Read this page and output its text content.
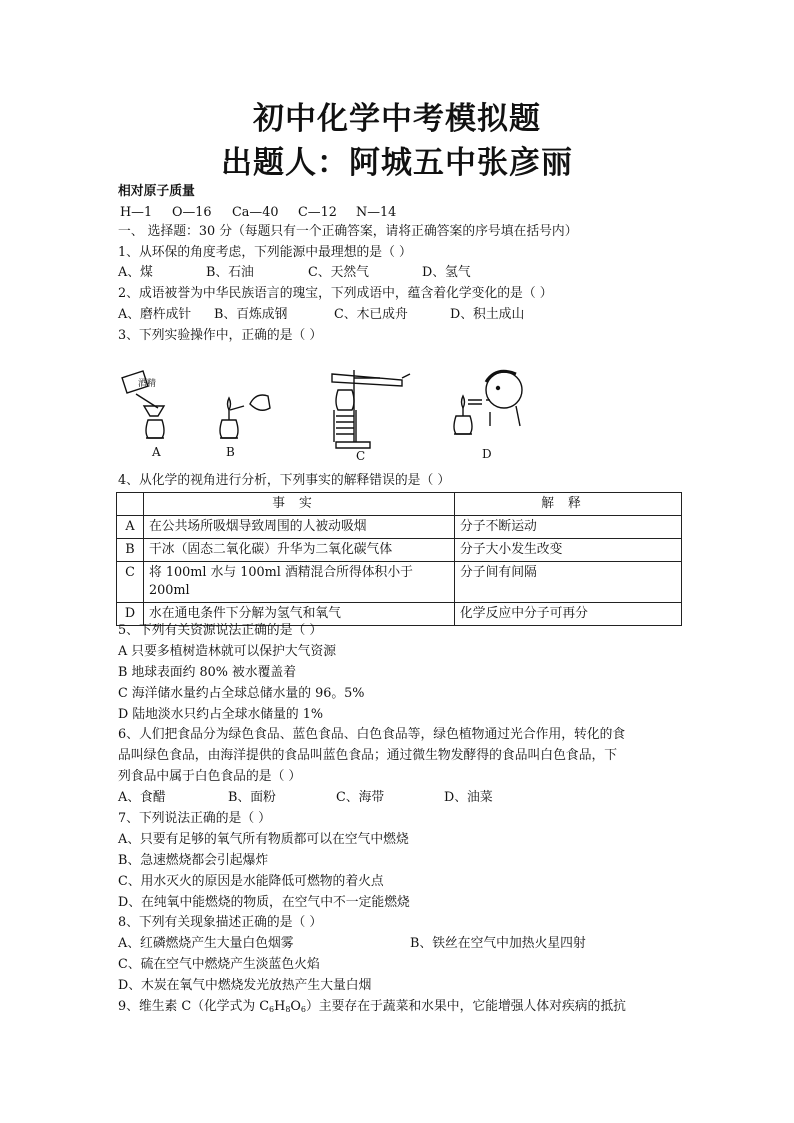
初中化学中考模拟题
出题人：阿城五中张彦丽
相对原子质量
H—1 O—16 Ca—40 C—12 N—14
一、 选择题：30 分（每题只有一个正确答案，请将正确答案的序号填在括号内）
1、从环保的角度考虑，下列能源中最理想的是（ ）
A、煤	B、石油	C、天然气	D、氢气
2、成语被誉为中华民族语言的瑰宝，下列成语中，蕴含着化学变化的是（ ）
A、磨杵成针 B、百炼成钢	C、木已成舟	D、积土成山
3、下列实验操作中，正确的是（ ）
酒精
A	B	C	D
4、从化学的视角进行分析，下列事实的解释错误的是（ ）
	事实	解释
A	在公共场所吸烟导致周围的人被动吸烟	分子不断运动
B	干冰（固态二氧化碳）升华为二氧化碳气体	分子大小发生改变
C	将 100ml 水与 100ml 酒精混合所得体积小于 200ml	分子间有间隔
D	水在通电条件下分解为氢气和氧气	化学反应中分子可再分
5、下列有关资源说法正确的是（ ）
A 只要多植树造林就可以保护大气资源
B 地球表面约 80% 被水覆盖着
C 海洋储水量约占全球总储水量的 96。5%
D 陆地淡水只约占全球水储量的 1%
6、人们把食品分为绿色食品、蓝色食品、白色食品等，绿色植物通过光合作用，转化的食
品叫绿色食品，由海洋提供的食品叫蓝色食品；通过微生物发酵得的食品叫白色食品，下
列食品中属于白色食品的是（ ）
A、食醋	B、面粉	C、海带	D、油菜
7、下列说法正确的是（ ）
A、只要有足够的氧气所有物质都可以在空气中燃烧
B、急速燃烧都会引起爆炸
C、用水灭火的原因是水能降低可燃物的着火点
D、在纯氧中能燃烧的物质，在空气中不一定能燃烧
8、下列有关现象描述正确的是（ ）
A、红磷燃烧产生大量白色烟雾	B、铁丝在空气中加热火星四射
C、硫在空气中燃烧产生淡蓝色火焰
D、木炭在氧气中燃烧发光放热产生大量白烟
9、维生素 C（化学式为 $C_6H_8O_6$）主要存在于蔬菜和水果中，它能增强人体对疾病的抵抗
